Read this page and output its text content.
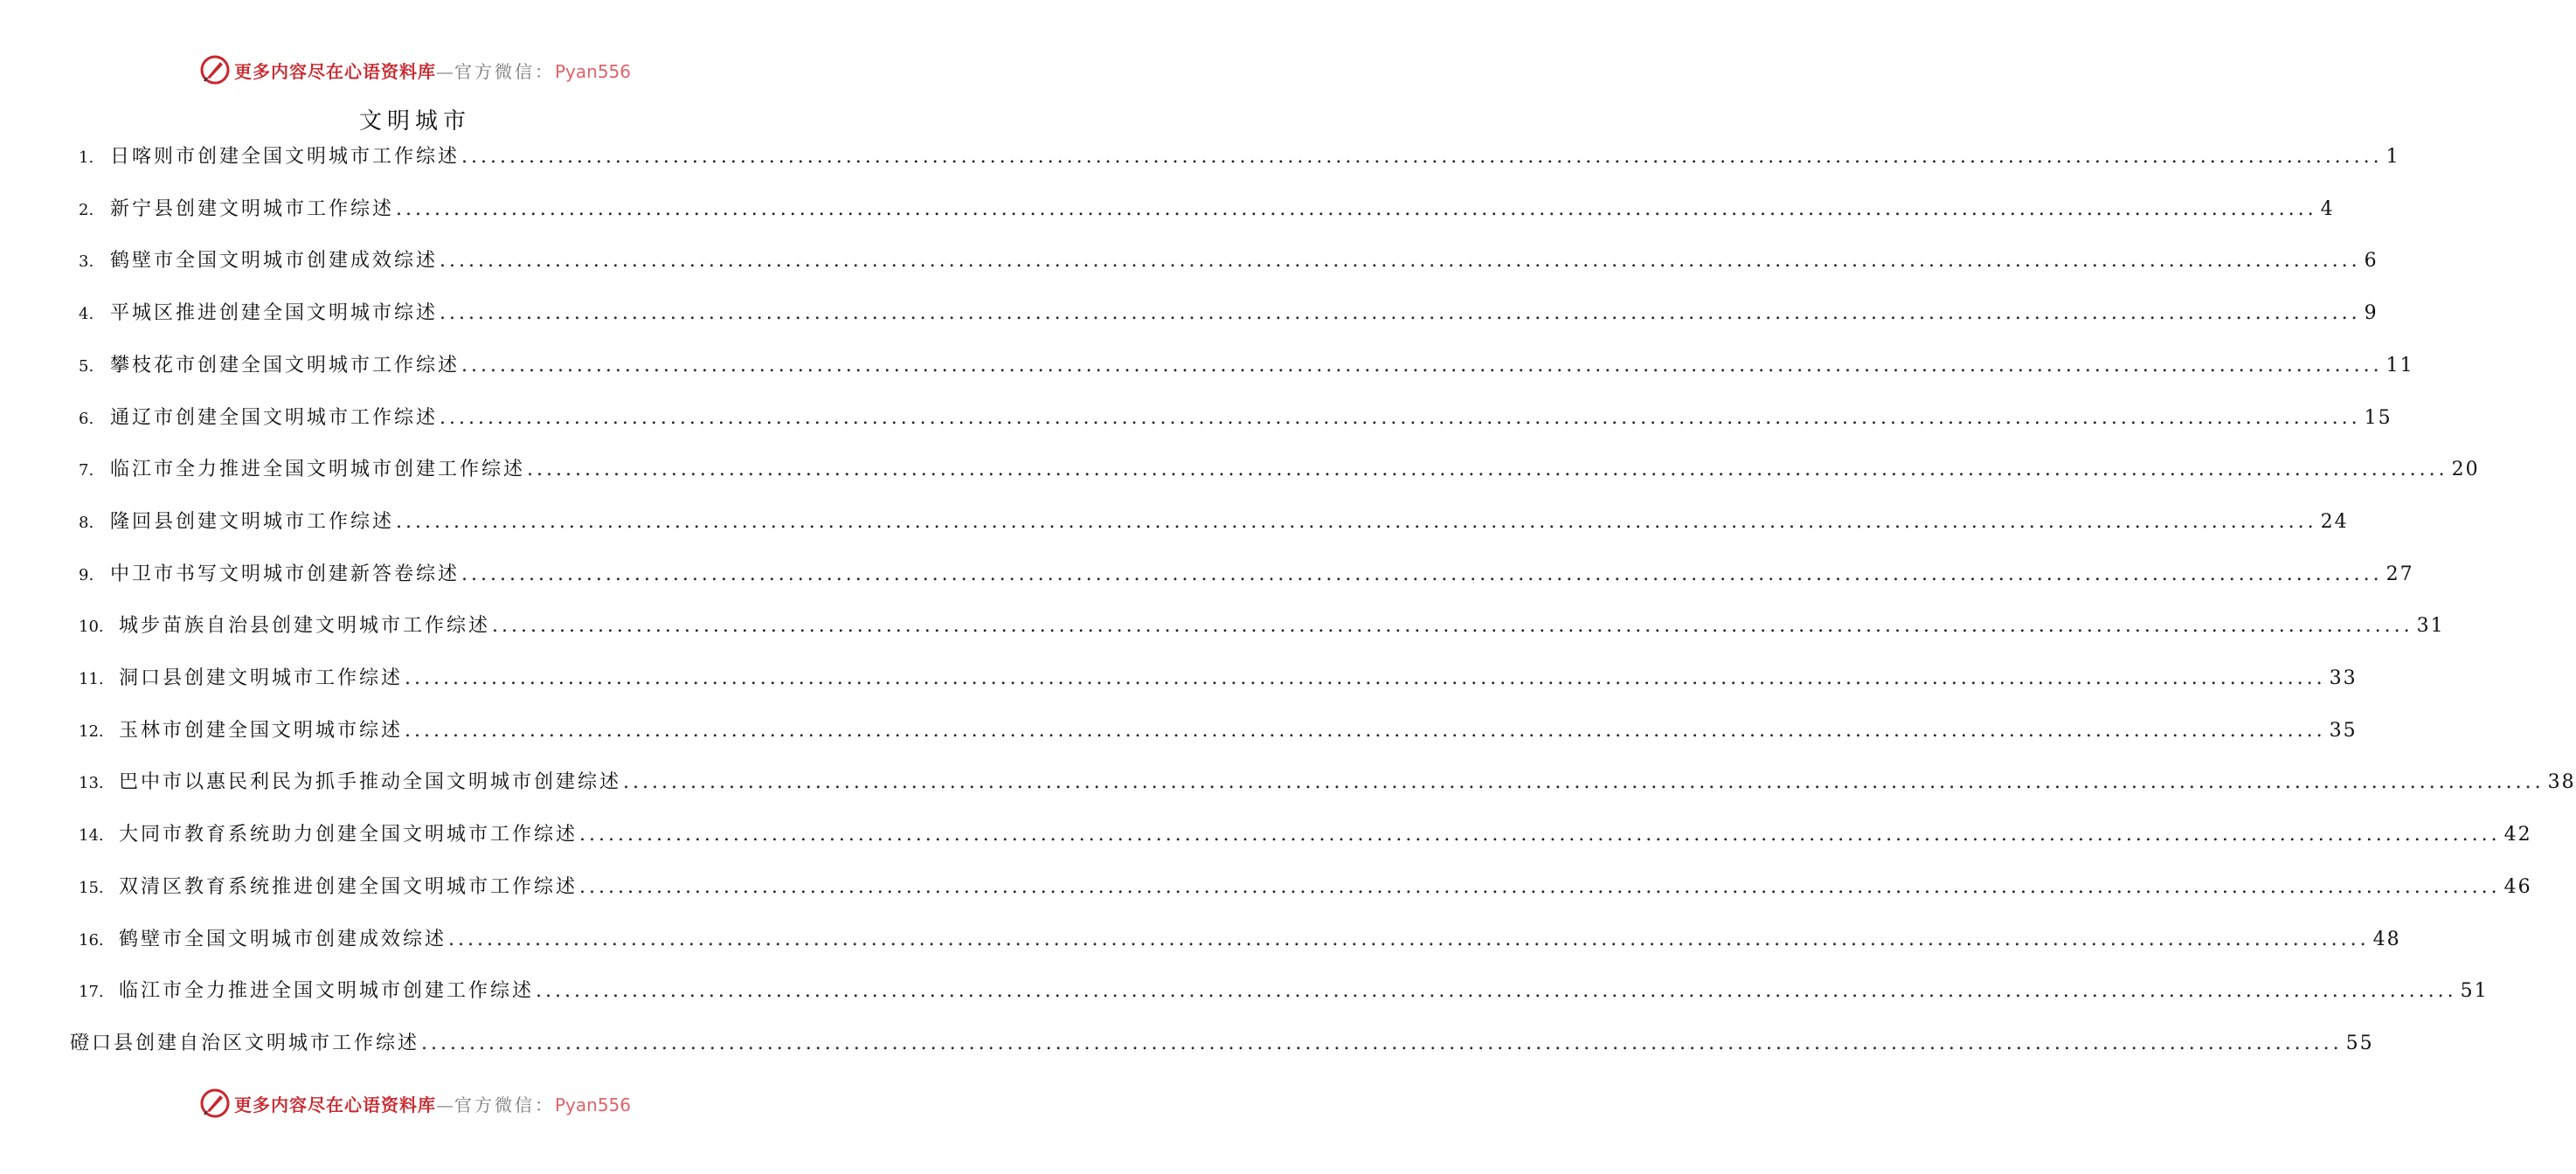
更多内容尽在心语资料库—官方微信：Pyan556
文明城市
1. 日喀则市创建全国文明城市工作综述 ........................................................................................................................................................................................................ 1
2. 新宁县创建文明城市工作综述 ........................................................................................................................................................................................................ 4
3. 鹤壁市全国文明城市创建成效综述 ........................................................................................................................................................................................................ 6
4. 平城区推进创建全国文明城市综述 ........................................................................................................................................................................................................ 9
5. 攀枝花市创建全国文明城市工作综述 ........................................................................................................................................................................................................ 11
6. 通辽市创建全国文明城市工作综述 ........................................................................................................................................................................................................ 15
7. 临江市全力推进全国文明城市创建工作综述 ........................................................................................................................................................................................................ 20
8. 隆回县创建文明城市工作综述 ........................................................................................................................................................................................................ 24
9. 中卫市书写文明城市创建新答卷综述 ........................................................................................................................................................................................................ 27
10. 城步苗族自治县创建文明城市工作综述 ........................................................................................................................................................................................................ 31
11. 洞口县创建文明城市工作综述 ........................................................................................................................................................................................................ 33
12. 玉林市创建全国文明城市综述 ........................................................................................................................................................................................................ 35
13. 巴中市以惠民利民为抓手推动全国文明城市创建综述 ........................................................................................................................................................................................................ 38
14. 大同市教育系统助力创建全国文明城市工作综述 ........................................................................................................................................................................................................ 42
15. 双清区教育系统推进创建全国文明城市工作综述 ........................................................................................................................................................................................................ 46
16. 鹤壁市全国文明城市创建成效综述 ........................................................................................................................................................................................................ 48
17. 临江市全力推进全国文明城市创建工作综述 ........................................................................................................................................................................................................ 51
磴口县创建自治区文明城市工作综述 ........................................................................................................................................................................................................ 55
更多内容尽在心语资料库—官方微信：Pyan556
